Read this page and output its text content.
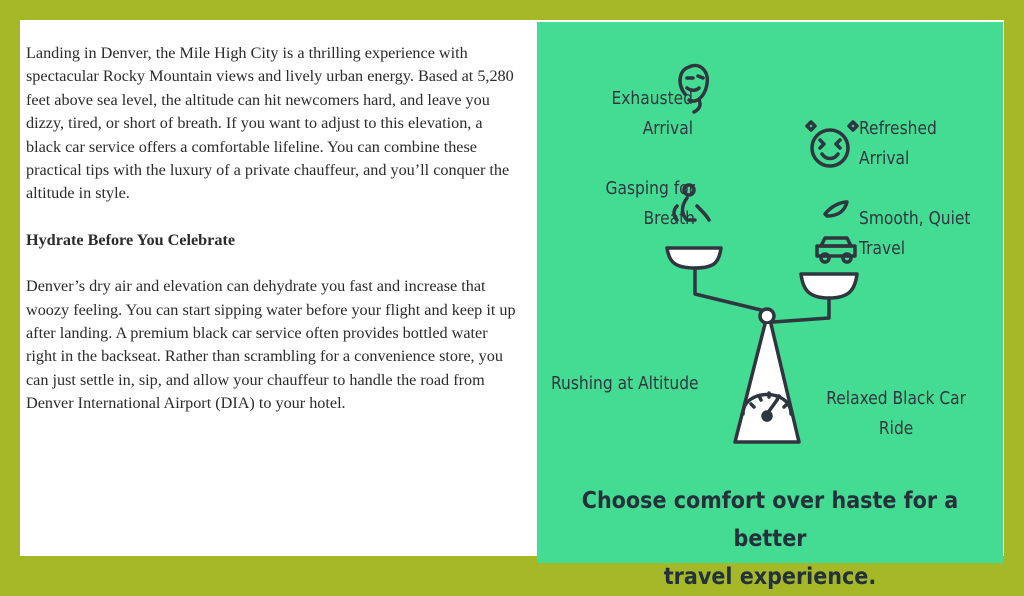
Landing in Denver, the Mile High City is a thrilling experience with spectacular Rocky Mountain views and lively urban energy. Based at 5,280 feet above sea level, the altitude can hit newcomers hard, and leave you dizzy, tired, or short of breath. If you want to adjust to this elevation, a black car service offers a comfortable lifeline. You can combine these practical tips with the luxury of a private chauffeur, and you’ll conquer the altitude in style.

Hydrate Before You Celebrate

Denver’s dry air and elevation can dehydrate you fast and increase that woozy feeling. You can start sipping water before your flight and keep it up after landing. A premium black car service often provides bottled water right in the backseat. Rather than scrambling for a convenience store, you can just settle in, sip, and allow your chauffeur to handle the road from Denver International Airport (DIA) to your hotel.

Exhausted
Arrival
Gasping for
Breath
Refreshed
Arrival
Smooth, Quiet
Travel
Rushing at Altitude
Relaxed Black Car
Ride
Choose comfort over haste for a better
travel experience.
